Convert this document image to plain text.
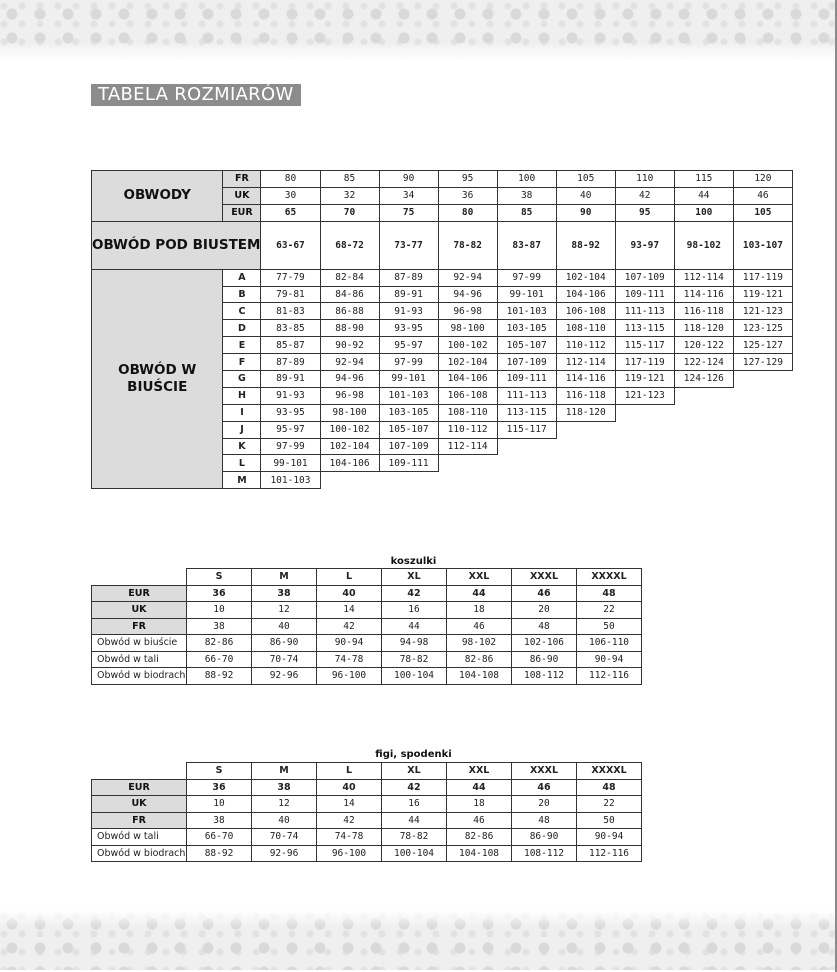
TABELA ROZMIARÓW
OBWODY	FR	80	85	90	95	100	105	110	115	120
	UK	30	32	34	36	38	40	42	44	46
	EUR	65	70	75	80	85	90	95	100	105
OBWÓD POD BIUSTEM		63-67	68-72	73-77	78-82	83-87	88-92	93-97	98-102	103-107
OBWÓD W BIUŚCIE	A	77-79	82-84	87-89	92-94	97-99	102-104	107-109	112-114	117-119
	B	79-81	84-86	89-91	94-96	99-101	104-106	109-111	114-116	119-121
	C	81-83	86-88	91-93	96-98	101-103	106-108	111-113	116-118	121-123
	D	83-85	88-90	93-95	98-100	103-105	108-110	113-115	118-120	123-125
	E	85-87	90-92	95-97	100-102	105-107	110-112	115-117	120-122	125-127
	F	87-89	92-94	97-99	102-104	107-109	112-114	117-119	122-124	127-129
	G	89-91	94-96	99-101	104-106	109-111	114-116	119-121	124-126	
	H	91-93	96-98	101-103	106-108	111-113	116-118	121-123		
	I	93-95	98-100	103-105	108-110	113-115	118-120			
	J	95-97	100-102	105-107	110-112	115-117				
	K	97-99	102-104	107-109	112-114					
	L	99-101	104-106	109-111						
	M	101-103								
koszulki
	S	M	L	XL	XXL	XXXL	XXXXL
EUR	36	38	40	42	44	46	48
UK	10	12	14	16	18	20	22
FR	38	40	42	44	46	48	50
Obwód w biuście	82-86	86-90	90-94	94-98	98-102	102-106	106-110
Obwód w tali	66-70	70-74	74-78	78-82	82-86	86-90	90-94
Obwód w biodrach	88-92	92-96	96-100	100-104	104-108	108-112	112-116
figi, spodenki
	S	M	L	XL	XXL	XXXL	XXXXL
EUR	36	38	40	42	44	46	48
UK	10	12	14	16	18	20	22
FR	38	40	42	44	46	48	50
Obwód w tali	66-70	70-74	74-78	78-82	82-86	86-90	90-94
Obwód w biodrach	88-92	92-96	96-100	100-104	104-108	108-112	112-116
